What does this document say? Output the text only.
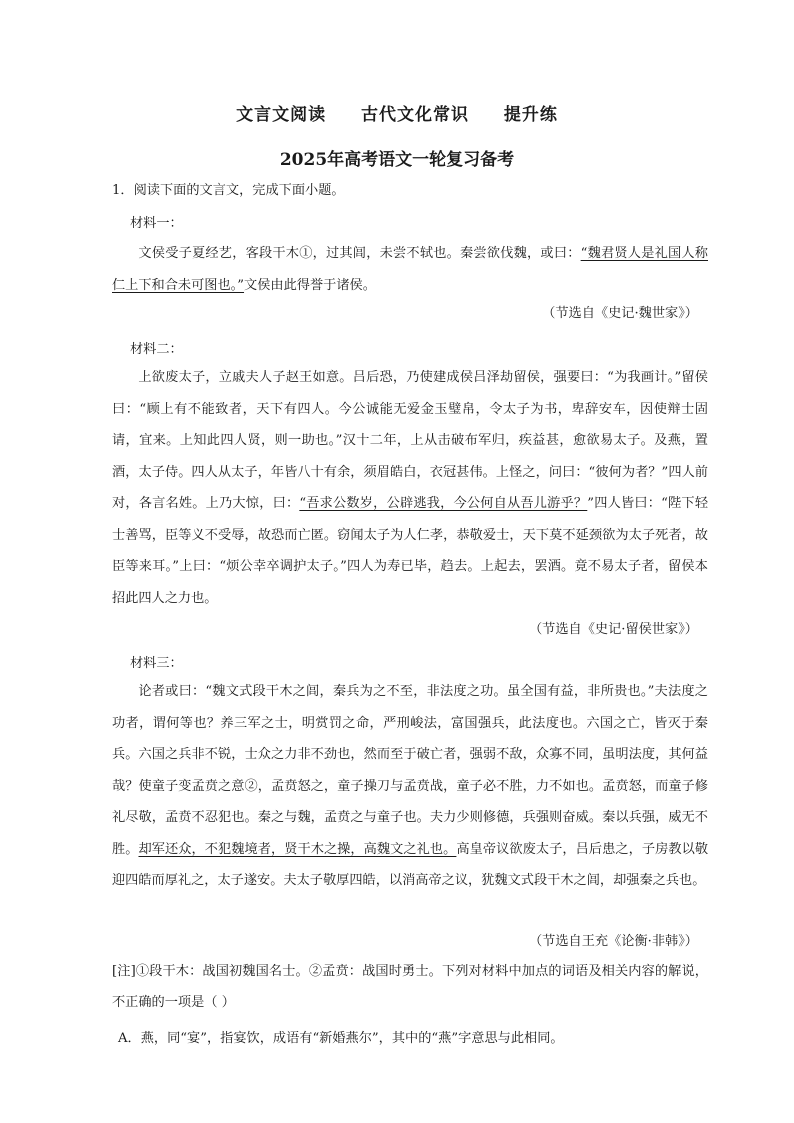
文言文阅读 古代文化常识 提升练
2025年高考语文一轮复习备考
1．阅读下面的文言文，完成下面小题。
材料一：
文侯受子夏经艺，客段干木①，过其闾，未尝不轼也。秦尝欲伐魏，或曰：“魏君贤人是礼国人称仁上下和合未可图也。”文侯由此得誉于诸侯。
（节选自《史记·魏世家》）
材料二：
上欲废太子，立戚夫人子赵王如意。吕后恐，乃使建成侯吕泽劫留侯，强要曰：“为我画计。”留侯曰：“顾上有不能致者，天下有四人。今公诚能无爱金玉璧帛，令太子为书，卑辞安车，因使辩士固请，宜来。上知此四人贤，则一助也。”汉十二年，上从击破布军归，疾益甚，愈欲易太子。及燕，置酒，太子侍。四人从太子，年皆八十有余，须眉皓白，衣冠甚伟。上怪之，问曰：“彼何为者？”四人前对，各言名姓。上乃大惊，曰：“吾求公数岁，公辟逃我，今公何自从吾儿游乎？”四人皆曰：“陛下轻士善骂，臣等义不受辱，故恐而亡匿。窃闻太子为人仁孝，恭敬爱士，天下莫不延颈欲为太子死者，故臣等来耳。”上曰：“烦公幸卒调护太子。”四人为寿已毕，趋去。上起去，罢酒。竟不易太子者，留侯本招此四人之力也。
（节选自《史记·留侯世家》）
材料三：
论者或曰：“魏文式段干木之闾，秦兵为之不至，非法度之功。虽全国有益，非所贵也。”夫法度之功者，谓何等也？养三军之士，明赏罚之命，严刑峻法，富国强兵，此法度也。六国之亡，皆灭于秦兵。六国之兵非不锐，士众之力非不劲也，然而至于破亡者，强弱不敌，众寡不同，虽明法度，其何益哉？使童子变孟贲之意②，孟贲怒之，童子操刀与孟贲战，童子必不胜，力不如也。孟贲怒，而童子修礼尽敬，孟贲不忍犯也。秦之与魏，孟贲之与童子也。夫力少则修德，兵强则奋威。秦以兵强，威无不胜。却军还众，不犯魏境者，贤干木之操，高魏文之礼也。高皇帝议欲废太子，吕后患之，子房教以敬迎四皓而厚礼之，太子遂安。夫太子敬厚四皓，以消高帝之议，犹魏文式段干木之闾，却强秦之兵也。
（节选自王充《论衡·非韩》）
[注]①段干木：战国初魏国名士。②孟贲：战国时勇士。下列对材料中加点的词语及相关内容的解说，不正确的一项是（ ）
A．燕，同“宴”，指宴饮，成语有“新婚燕尔”，其中的“燕”字意思与此相同。
